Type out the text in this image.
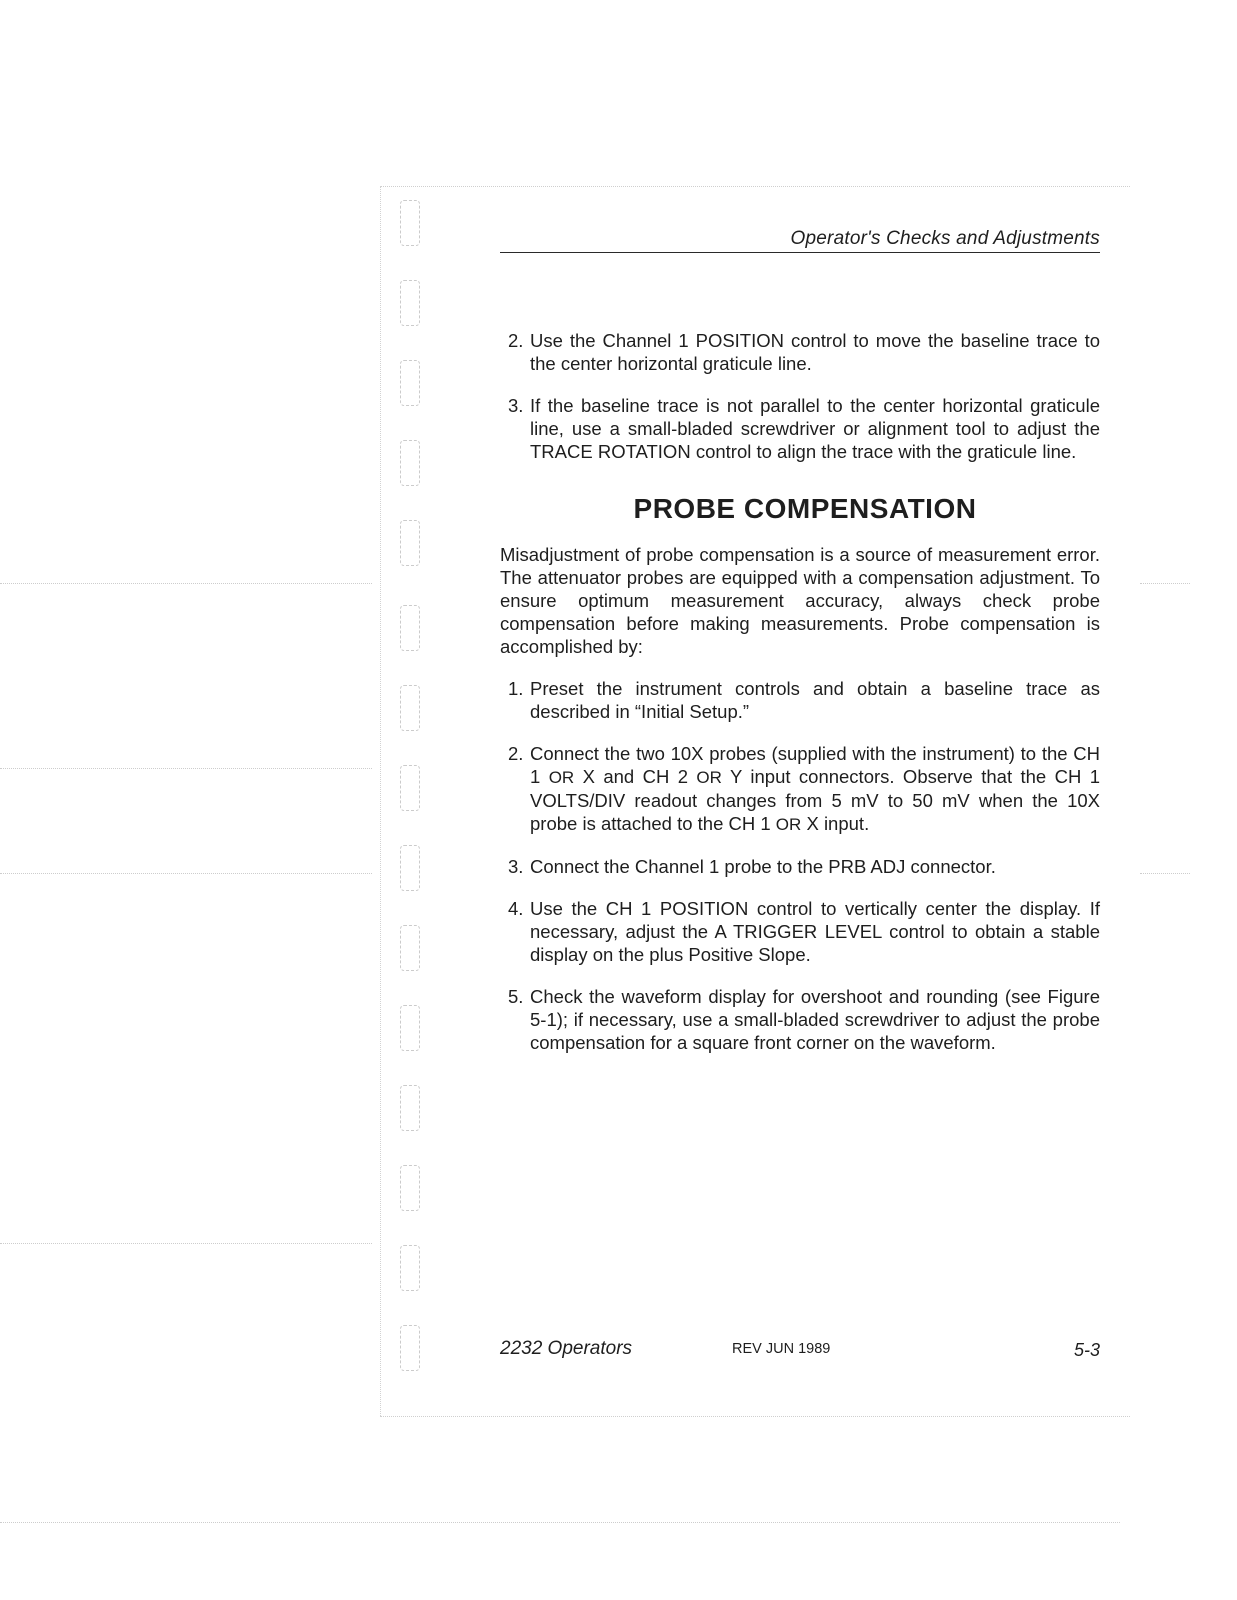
Operator's Checks and Adjustments
2. Use the Channel 1 POSITION control to move the baseline trace to the center horizontal graticule line.
3. If the baseline trace is not parallel to the center horizontal graticule line, use a small-bladed screwdriver or alignment tool to adjust the TRACE ROTATION control to align the trace with the graticule line.
PROBE COMPENSATION
Misadjustment of probe compensation is a source of measurement error. The attenuator probes are equipped with a compensation adjustment. To ensure optimum measurement accuracy, always check probe compensation before making measurements. Probe compensation is accomplished by:
1. Preset the instrument controls and obtain a baseline trace as described in “Initial Setup.”
2. Connect the two 10X probes (supplied with the instrument) to the CH 1 OR X and CH 2 OR Y input connectors. Observe that the CH 1 VOLTS/DIV readout changes from 5 mV to 50 mV when the 10X probe is attached to the CH 1 OR X input.
3. Connect the Channel 1 probe to the PRB ADJ connector.
4. Use the CH 1 POSITION control to vertically center the display. If necessary, adjust the A TRIGGER LEVEL control to obtain a stable display on the plus Positive Slope.
5. Check the waveform display for overshoot and rounding (see Figure 5-1); if necessary, use a small-bladed screwdriver to adjust the probe compensation for a square front corner on the waveform.
2232 Operators	REV JUN 1989	5-3
